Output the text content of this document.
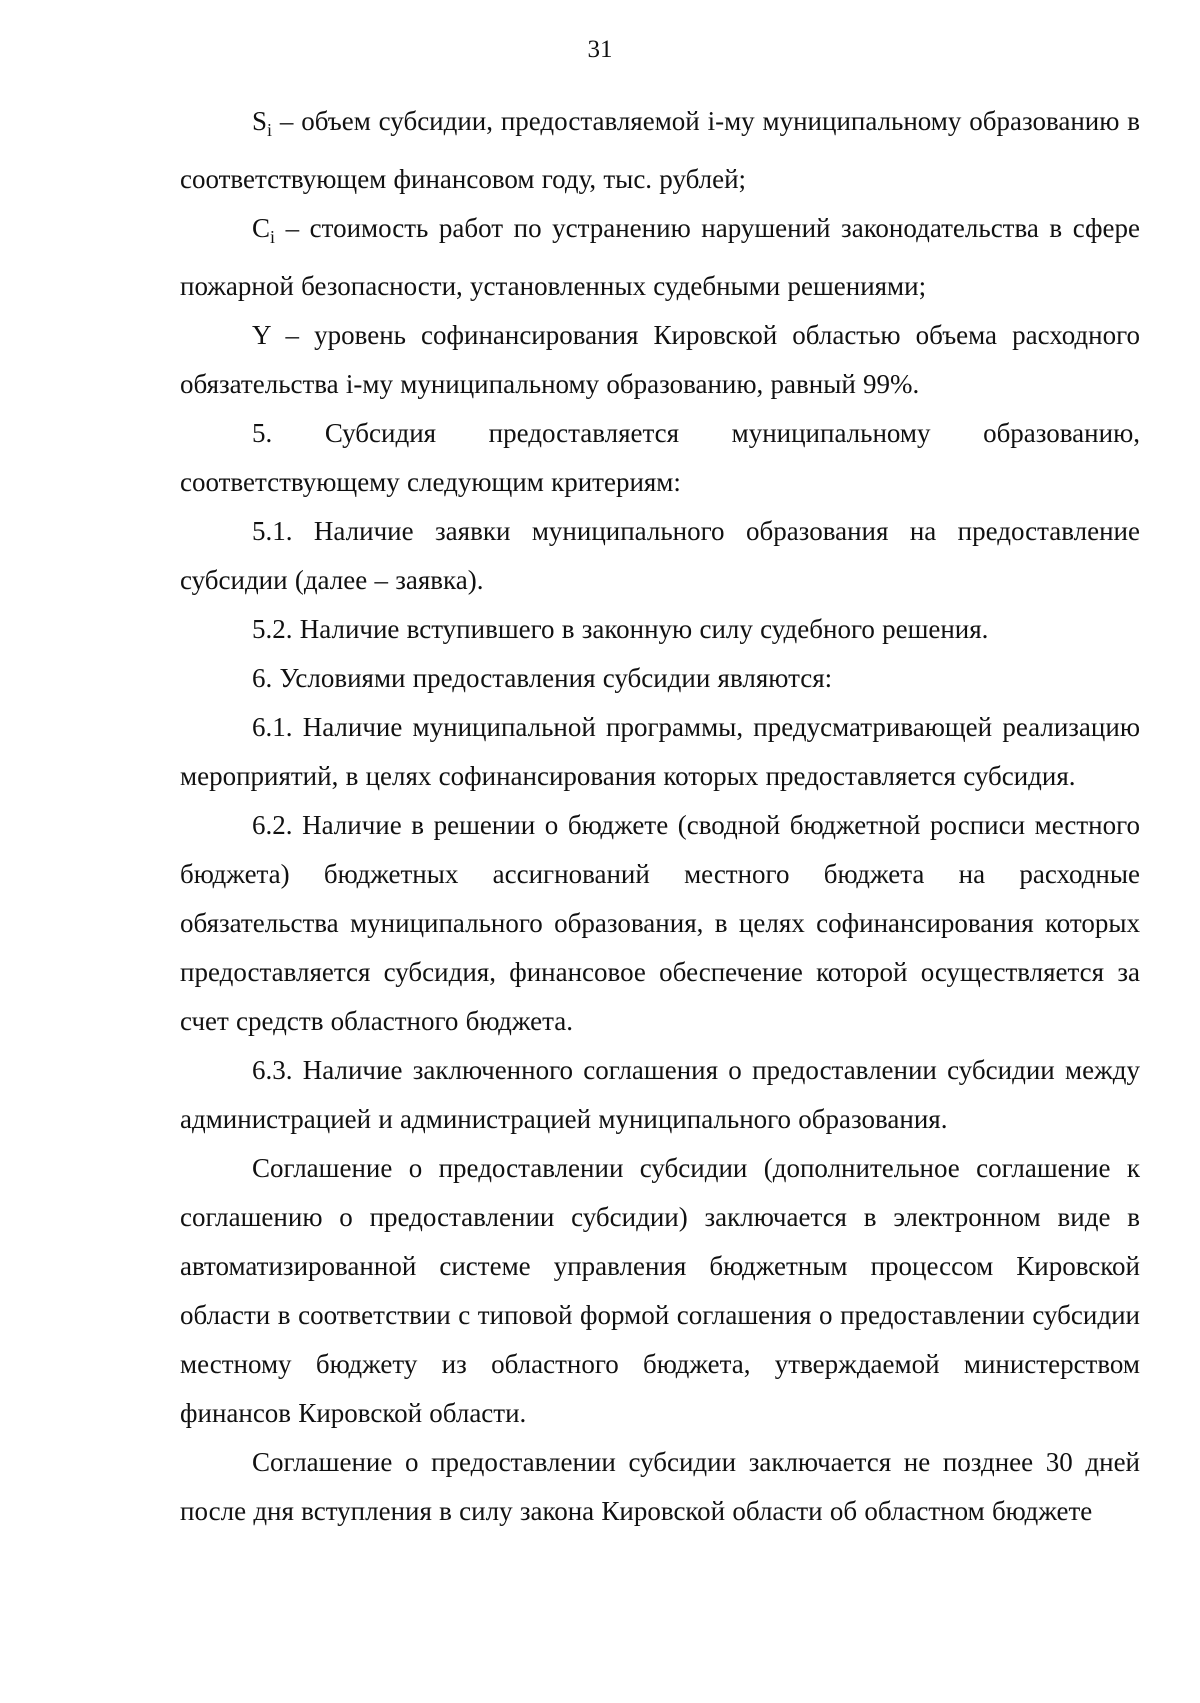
31

$S_i$ – объем субсидии, предоставляемой i-му муниципальному образованию в соответствующем финансовом году, тыс. рублей;

$C_i$ – стоимость работ по устранению нарушений законодательства в сфере пожарной безопасности, установленных судебными решениями;

Y – уровень софинансирования Кировской областью объема расходного обязательства i-му муниципальному образованию, равный 99%.

5. Субсидия предоставляется муниципальному образованию, соответствующему следующим критериям:

5.1. Наличие заявки муниципального образования на предоставление субсидии (далее – заявка).

5.2. Наличие вступившего в законную силу судебного решения.

6. Условиями предоставления субсидии являются:

6.1. Наличие муниципальной программы, предусматривающей реализацию мероприятий, в целях софинансирования которых предоставляется субсидия.

6.2. Наличие в решении о бюджете (сводной бюджетной росписи местного бюджета) бюджетных ассигнований местного бюджета на расходные обязательства муниципального образования, в целях софинансирования которых предоставляется субсидия, финансовое обеспечение которой осуществляется за счет средств областного бюджета.

6.3. Наличие заключенного соглашения о предоставлении субсидии между администрацией и администрацией муниципального образования.

Соглашение о предоставлении субсидии (дополнительное соглашение к соглашению о предоставлении субсидии) заключается в электронном виде в автоматизированной системе управления бюджетным процессом Кировской области в соответствии с типовой формой соглашения о предоставлении субсидии местному бюджету из областного бюджета, утверждаемой министерством финансов Кировской области.

Соглашение о предоставлении субсидии заключается не позднее 30 дней после дня вступления в силу закона Кировской области об областном бюджете
